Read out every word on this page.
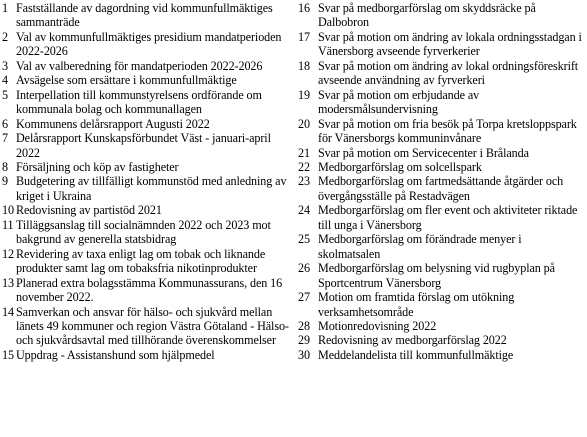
1 Fastställande av dagordning vid kommunfullmäktiges sammanträde
2 Val av kommunfullmäktiges presidium mandatperioden 2022-2026
3 Val av valberedning för mandatperioden 2022-2026
4 Avsägelse som ersättare i kommunfullmäktige
5 Interpellation till kommunstyrelsens ordförande om kommunala bolag och kommunallagen
6 Kommunens delårsrapport Augusti 2022
7 Delårsrapport Kunskapsförbundet Väst - januari-april 2022
8 Försäljning och köp av fastigheter
9 Budgetering av tillfälligt kommunstöd med anledning av kriget i Ukraina
10 Redovisning av partistöd 2021
11 Tilläggsanslag till socialnämnden 2022 och 2023 mot bakgrund av generella statsbidrag
12 Revidering av taxa enligt lag om tobak och liknande produkter samt lag om tobaksfria nikotinprodukter
13 Planerad extra bolagsstämma Kommunassurans, den 16 november 2022.
14 Samverkan och ansvar för hälso- och sjukvård mellan länets 49 kommuner och region Västra Götaland - Hälso- och sjukvårdsavtal med tillhörande överenskommelser
15 Uppdrag - Assistanshund som hjälpmedel
16 Svar på medborgarförslag om skyddsräcke på Dalbobron
17 Svar på motion om ändring av lokala ordningsstadgan i Vänersborg avseende fyrverkerier
18 Svar på motion om ändring av lokal ordningsföreskrift avseende användning av fyrverkeri
19 Svar på motion om erbjudande av modersmålsundervisning
20 Svar på motion om fria besök på Torpa kretsloppspark för Vänersborgs kommuninvånare
21 Svar på motion om Servicecenter i Brålanda
22 Medborgarförslag om solcellspark
23 Medborgarförslag om fartmedsättande åtgärder och övergångsställe på Restadvägen
24 Medborgarförslag om fler event och aktiviteter riktade till unga i Vänersborg
25 Medborgarförslag om förändrade menyer i skolmatsalen
26 Medborgarförslag om belysning vid rugbyplan på Sportcentrum Vänersborg
27 Motion om framtida förslag om utökning verksamhetsområde
28 Motionredovisning 2022
29 Redovisning av medborgarförslag 2022
30 Meddelandelista till kommunfullmäktige
